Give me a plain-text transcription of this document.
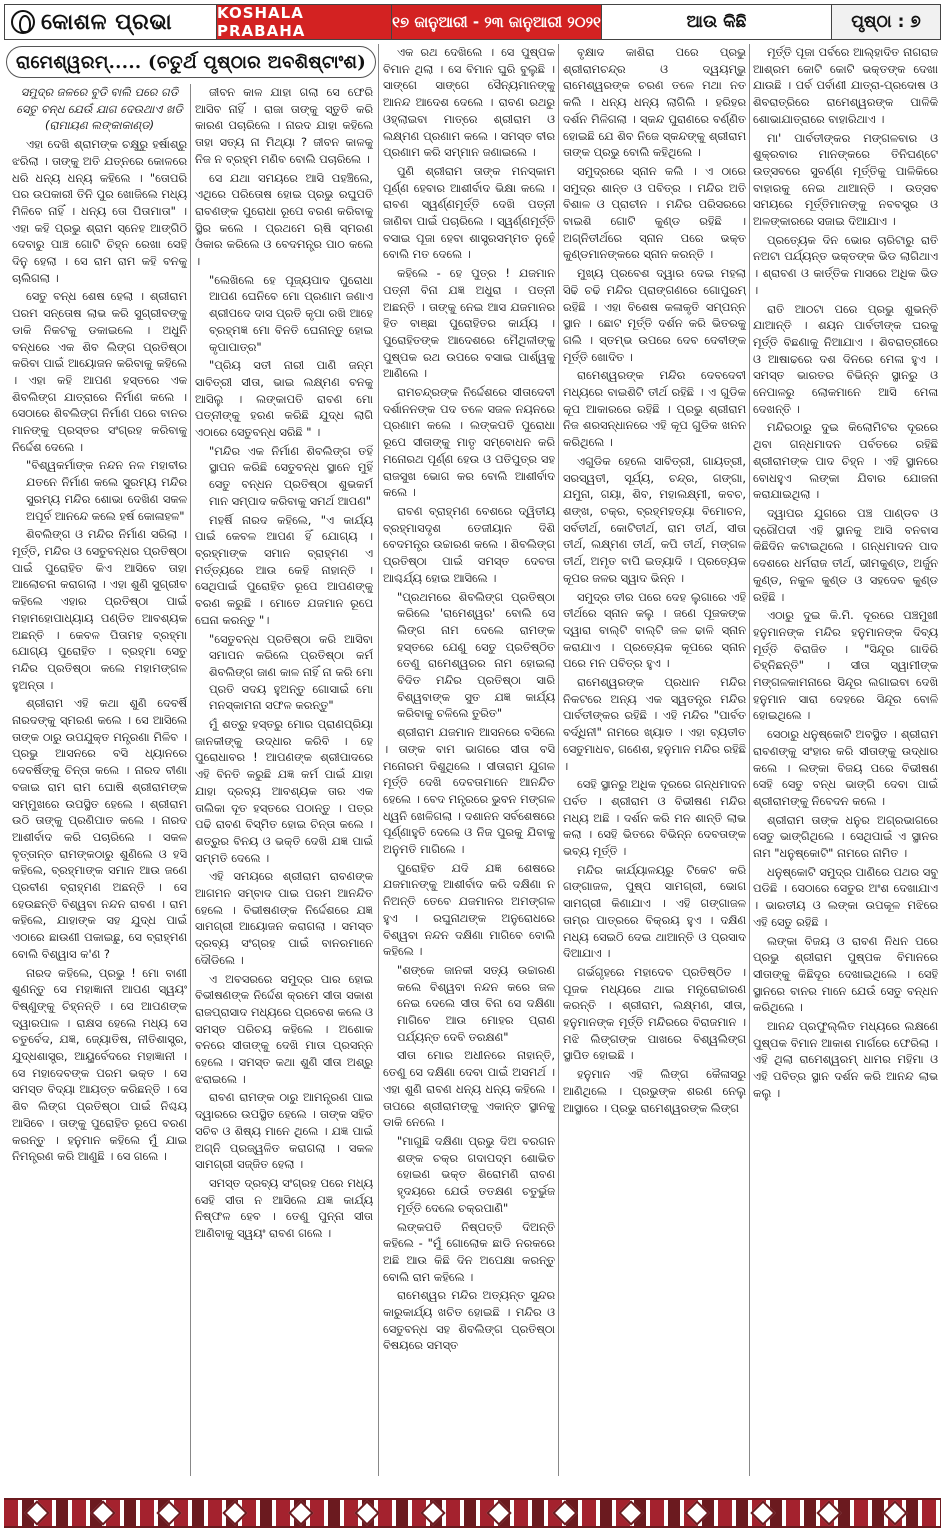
କୋଶଳ ପ୍ରଭା	KOSHALA PRABAHA	୧୭ ଜାନୁଆରୀ - ୨୩ ଜାନୁଆରୀ ୨୦୨୧	ଆଉ କିଛି	ପୃଷ୍ଠା : ୭
ରାମେଶ୍ୱରମ୍..... (ଚତୁର୍ଥ ପୃଷ୍ଠାର ଅବଶିଷ୍ଟାଂଶ)

ସମୁଦ୍ର ଜଳରେ ବୁଡି ବାଲି ପରେ ଗଡି ସେତୁ ବନ୍ଧ ଯେଉଁ ଯାଗ ଦେଉଥାଏ ଖଡି (ରାମାୟଣ ଲଙ୍କାକାଣ୍ଡ)

ଏହା ଦେଖି ଶ୍ରାମଙ୍କ ଚକ୍ଷୁରୁ ହର୍ଷାଶ୍ରୁ ଝରିଲା । ତାଙ୍କୁ ଅତି ଯତ୍ନରେ କୋଳରେ ଧରି ଧନ୍ୟ ଧନ୍ୟ କହିଲେ । "ତୋପରି ପର ଉପକାରୀ ତିନି ପୁର ଖୋଜିଲେ ମଧ୍ୟ ମିଳିବେ ନାହିଁ । ଧନ୍ୟ ତୋ ପିତାମାତା" । ଏହା କହି ପ୍ରଭୁ ଶ୍ରାମ ସ୍ନେହ ଆଙ୍ଗିଠି ଦେବାରୁ ପାଞ୍ଚ ଗୋଟି ଚିହ୍ନ ରେଖା ସେହି ଦିନୁ ହେଲା । ସେ ରାମ ରାମ କହି ବନକୁ ଚାଲିଗଲା ।

ସେତୁ ବନ୍ଧ ଶେଷ ହେଲା । ଶ୍ରୀରାମ ପରମ ସନ୍ତୋଷ ଲାଭ କରି ସୁଗ୍ରୀବଙ୍କୁ ଡାକି ନିକଟକୁ ଡକାଇଲେ । ଅଧୁନି ବନ୍ଧରେ ଏକ ଶିବ ଲିଙ୍ଗ ପ୍ରତିଷ୍ଠା କରିବା ପାଇଁ ଆୟୋଜନ କରିବାକୁ କହିଲେ । ଏହା କହି ଆପଣ ହସ୍ତରେ ଏକ ଶିବଲିଙ୍ଗ ଯାତ୍ରାରେ ନିର୍ମାଣ କଲେ । ସେଠାରେ ଶିବଲିଙ୍ଗ ନିର୍ମାଣ ପରେ ବାନର ମାନଙ୍କୁ ପ୍ରସ୍ତର ସଂଗ୍ରହ କରିବାକୁ ନିର୍ଦ୍ଦେଶ ଦେଲେ ।

"ବିଶ୍ୱକର୍ମାଙ୍କ ନନ୍ଦନ ନଳ ମହାବୀର ଯତନେ ନିର୍ମାଣ କଲେ ସୁରମ୍ୟ ମନ୍ଦିର ସୁରମ୍ୟ ମନ୍ଦିର ଶୋଭା ଦେଖିଣ ସକଳ ଅପୂର୍ବ ଆନନ୍ଦେ କଲେ ହର୍ଷ କୋଳାହଳ"

ଶିବଲିଙ୍ଗ ଓ ମନ୍ଦିର ନିର୍ମାଣ ସରିଲା । ମୂର୍ତ୍ତି, ମନ୍ଦିର ଓ ସେତୁବନ୍ଧର ପ୍ରତିଷ୍ଠା ପାଇଁ ପୁରୋହିତ କିଏ ଆସିବେ ତାହା ଆଲୋଚନା କରାଗଲା । ଏହା ଶୁଣି ସୁଗ୍ରୀବ କହିଲେ ଏହାର ପ୍ରତିଷ୍ଠା ପାଇଁ ମହାମହୋପାଧ୍ୟାୟ ପଣ୍ଡିତ ଆବଶ୍ୟକ ଅଛନ୍ତି । କେବଳ ପିତାମହ ବ୍ରହ୍ମା ଯୋଗ୍ୟ ପୁରୋହିତ । ବ୍ରହ୍ମା ସେତୁ ମନ୍ଦିର ପ୍ରତିଷ୍ଠା କଲେ ମହାମଙ୍ଗଳ ହୁଅନ୍ତା ।

ଶ୍ରୀରାମ ଏହି କଥା ଶୁଣି ଦେବର୍ଷି ନାରଦଙ୍କୁ ସ୍ମରଣ କଲେ । ସେ ଆସିଲେ ତାଙ୍କ ଠାରୁ ଉପଯୁକ୍ତ ମନ୍ତ୍ରଣା ମିଳିବ । ପ୍ରଭୁ ଆସନରେ ବସି ଧ୍ୟାନରେ ଦେବର୍ଷିଙ୍କୁ ଚିନ୍ତା କଲେ । ନାରଦ ବୀଣା ବଜାଇ ରାମ ରାମ ଘୋଷି ଶ୍ରୀରାମଙ୍କ ସମ୍ମୁଖରେ ଉପସ୍ଥିତ ହେଲେ । ଶ୍ରୀରାମ ଉଠି ତାଙ୍କୁ ପ୍ରଣିପାତ କଲେ । ନାରଦ ଆଶୀର୍ବାଦ କରି ପଚାରିଲେ । ସକଳ ବୃତ୍ତାନ୍ତ ରାମଙ୍କଠାରୁ ଶୁଣିଲେ ଓ ହସି କହିଲେ, ବ୍ରହ୍ମାଙ୍କ ସମାନ ଆଉ ଜଣେ ପ୍ରବୀଣ ବ୍ରାହ୍ମଣ ଅଛନ୍ତି । ସେ ହେଉଛନ୍ତି ବିଶ୍ୱବା ନନ୍ଦନ ରାବଣ । ରାମ କହିଲେ, ଯାହାଙ୍କ ସହ ଯୁଦ୍ଧ ପାଇଁ ଏଠାରେ ଛାଉଣୀ ପକାଇଛୁ, ସେ ବ୍ରାହ୍ମଣ ବୋଲି ବିଶ୍ୱାସ କ'ଣ ?

ନାରଦ କହିଲେ, ପ୍ରଭୁ ! ମୋ ବାଣୀ ଶୁଣନ୍ତୁ ସେ ମହାଜ୍ଞାନୀ ଆପଣ ସ୍ୱୟଂ ବିଷ୍ଣୁଙ୍କୁ ଚିହ୍ନନ୍ତି । ସେ ଆପଣଙ୍କ ଦ୍ୱାରପାଳ । ରାକ୍ଷସ ହେଲେ ମଧ୍ୟ ସେ ଚତୁର୍ବେଦ, ଯଜ୍ଞ, ଜ୍ୟୋତିଷ, ନୀତିଶାସ୍ତ୍ର, ଯୁଦ୍ଧଶାସ୍ତ୍ର, ଆୟୁର୍ବେଦରେ ମହାଜ୍ଞାନୀ । ସେ ମହାଦେବଙ୍କ ପରମ ଭକ୍ତ । ସେ ସମସ୍ତ ବିଦ୍ୟା ଆୟତ୍ତ କରିଛନ୍ତି । ସେ ଶିବ ଲିଙ୍ଗ ପ୍ରତିଷ୍ଠା ପାଇଁ ନିଶ୍ଚୟ ଆସିବେ । ତାଙ୍କୁ ପୁରୋହିତ ରୂପେ ବରଣ କରନ୍ତୁ । ହନୁମାନ କହିଲେ ମୁଁ ଯାଇ ନିମନ୍ତ୍ରଣ କରି ଆଣୁଛି । ସେ ଗଲେ ।

ଜୀବନ କାଳ ଯାହା ଗଲା ସେ ଫେରି ଆସିବ ନାହିଁ । ରାଜା ତାଙ୍କୁ ସ୍ତୁତି କରି କାରଣ ପଚାରିଲେ । ନାରଦ ଯାହା କହିଲେ ତାହା ସତ୍ୟ ନା ମିଥ୍ୟା ? ଜୀବନ କାଳକୁ ନିଜ ନ ବ୍ରହ୍ମ ମଣିବ ବୋଲି ପଚାରିଲେ ।

ସେ ଯଥା ସମୟରେ ଆସି ପହଞ୍ଚିଲେ, ଏଥିରେ ପରିତୋଷ ହୋଇ ପ୍ରଭୁ ରଘୁପତି ରାବଣଙ୍କ ପୁରୋଧା ରୂପେ ବରଣ କରିବାକୁ ସ୍ଥିର କଲେ । ପ୍ରଥମେ ଋଷି ସ୍ମରଣ ଓଁକାର କରିଲେ ଓ ବେଦମନ୍ତ୍ର ପାଠ କଲେ ।

"ଲେଖିଲେ ହେ ପୂଜ୍ୟପାଦ ପୁରୋଧା ଆପଣ ଘେନିବେ ମୋ ପ୍ରଣାମ ଜଣାଏ ଶ୍ରୀପଦେ ଦାସ ପ୍ରତି କୃପା ରଖି ଆହେ ବ୍ରହ୍ମଜ୍ଞ ମୋ ବିନତି ଘେନାନ୍ତୁ ହୋଇ କୃପାପାତ୍ର"

"ପ୍ରିୟ ସତୀ ନାରୀ ପାଣି ଜନ୍ମ ସାବିତ୍ରୀ ସୀତା, ଭାଇ ଲକ୍ଷ୍ମଣ ବନକୁ ଆସିଲୁ । ଲଙ୍କାପତି ରାବଣ ମୋ ପତ୍ନୀଙ୍କୁ ହରଣ କରିଛି ଯୁଦ୍ଧ ଲାଗି ଏଠାରେ ସେତୁବନ୍ଧ ସରିଛି " ।

"ମନ୍ଦିର ଏକ ନିର୍ମାଣ ଶିବଲିଙ୍ଗ ତହିଁ ସ୍ଥାପନ କରିଛି ସେତୁବନ୍ଧ ସ୍ଥାନେ ମୁହିଁ ସେତୁ ବନ୍ଧନ ପ୍ରତିଷ୍ଠା ଶୁଭକର୍ମ ମାନ ସମ୍ପାଦ କରିବାକୁ ସମର୍ଥ ଆପଣ"

ମହର୍ଷି ନାରଦ କହିଲେ, "ଏ କାର୍ଯ୍ୟ ପାଇଁ କେବଳ ଆପଣ ହିଁ ଯୋଗ୍ୟ । ବ୍ରହ୍ମାଙ୍କ ସମାନ ବ୍ରାହ୍ମଣ ଏ ମର୍ତ୍ତ୍ୟରେ ଆଉ କେହି ନାହାନ୍ତି । ସେଥିପାଇଁ ପୁରୋହିତ ରୂପେ ଆପଣଙ୍କୁ ବରଣ କରୁଛି । ମୋତେ ଯଜମାନ ରୂପେ ଘେନା କରନ୍ତୁ "।

"ସେତୁବନ୍ଧ ପ୍ରତିଷ୍ଠା କରି ଆସିବା ସମାପନ କରିଲେ ପ୍ରତିଷ୍ଠା କର୍ମ ଶିବଲିଙ୍ଗ ଜାଣ କାଳ ନାହିଁ ନା କରି ମୋ ପ୍ରତି ସଦୟ ହୁଅନ୍ତୁ ଗୋସାଇଁ ମୋ ମନସ୍କାମନା ସଫଳ କରନ୍ତୁ"

ମୁଁ ଶତ୍ରୁ ହସ୍ତରୁ ମୋର ପ୍ରାଣପ୍ରିୟା ଜାନକୀଙ୍କୁ ଉଦ୍ଧାର କରିବି । ହେ ପୁରୋଧାବର ! ଆପଣଙ୍କ ଶ୍ରୀପାଦରେ ଏହି ବିନତି କରୁଛି ଯଜ୍ଞ କର୍ମ ପାଇଁ ଯାହା ଯାହା ଦ୍ରବ୍ୟ ଆବଶ୍ୟକ ତାର ଏକ ତାଲିକା ଦୂତ ହସ୍ତରେ ପଠାନ୍ତୁ । ପତ୍ର ପଢି ରାବଣ ବିସ୍ମିତ ହୋଇ ଚିନ୍ତା କଲେ । ଶତ୍ରୁର ବିନୟ ଓ ଭକ୍ତି ଦେଖି ଯଜ୍ଞ ପାଇଁ ସମ୍ମତି ଦେଲେ ।

ଏହି ସମୟରେ ଶ୍ରୀରାମ ରାବଣଙ୍କ ଆଗମନ ସମ୍ବାଦ ପାଇ ପରମ ଆନନ୍ଦିତ ହେଲେ । ବିଭୀଷଣଙ୍କ ନିର୍ଦ୍ଦେଶରେ ଯଜ୍ଞ ସାମଗ୍ରୀ ଆୟୋଜନ କରାଗଲା । ସମସ୍ତ ଦ୍ରବ୍ୟ ସଂଗ୍ରହ ପାଇଁ ବାନରମାନେ ଦୌଡିଲେ ।

ଏ ଅବସରରେ ସମୁଦ୍ର ପାର ହୋଇ ବିଭୀଷଣଙ୍କ ନିର୍ଦ୍ଦେଶ କ୍ରମେ ସୀତା ସକାଶ ରାଜପ୍ରାସାଦ ମଧ୍ୟରେ ପ୍ରବେଶ କଲେ ଓ ସମସ୍ତ ପରିଚୟ କହିଲେ । ଅଶୋକ ବନରେ ସୀତାଙ୍କୁ ଦେଖି ମାତା ପ୍ରସନ୍ନ ହେଲେ । ସମସ୍ତ କଥା ଶୁଣି ସୀତା ଅଶ୍ରୁ ଝରାଇଲେ ।

ରାବଣ ରାମଙ୍କ ଠାରୁ ଆମନ୍ତ୍ରଣ ପାଇ ଦ୍ୱାରରେ ଉପସ୍ଥିତ ହେଲେ । ତାଙ୍କ ସହିତ ସଚିବ ଓ ଶିଷ୍ୟ ମାନେ ଥିଲେ । ଯଜ୍ଞ ପାଇଁ ଅଗ୍ନି ପ୍ରଜ୍ୱଳିତ କରାଗଲା । ସକଳ ସାମଗ୍ରୀ ସଜ୍ଜିତ ହେଲା ।

ସମସ୍ତ ଦ୍ରବ୍ୟ ସଂଗ୍ରହ ପରେ ମଧ୍ୟ ସେହି ସୀତା ନ ଆସିଲେ ଯଜ୍ଞ କାର୍ଯ୍ୟ ନିଷ୍ଫଳ ହେବ । ତେଣୁ ପୁନ୍ନା ସୀତା ଆଣିବାକୁ ସ୍ୱୟଂ ରାବଣ ଗଲେ ।

ଏକ ରଥ ଦେଖିଲେ । ସେ ପୁଷ୍ପକ ବିମାନ ଥିଲା । ସେ ବିମାନ ଘୁରି ବୁଲୁଛି । ସାଙ୍ଗେ ସାଙ୍ଗେ ସୈନ୍ୟମାନଙ୍କୁ ଆନନ୍ଦ ଆଦେଶ ଦେଲେ । ରାବଣ ରଥରୁ ଓହ୍ଲାଇବା ମାତ୍ରେ ଶ୍ରୀରାମ ଓ ଲକ୍ଷ୍ମଣ ପ୍ରଣାମ କଲେ । ସମସ୍ତ ବୀର ପ୍ରଣାମ କରି ସମ୍ମାନ ଜଣାଇଲେ ।

ପୁଣି ଶ୍ରୀରାମ ତାଙ୍କ ମନସ୍କାମ ପୂର୍ଣ୍ଣ ହେବାର ଆଶୀର୍ବାଦ ଭିକ୍ଷା କଲେ । ରାବଣ ସ୍ୱର୍ଣ୍ଣମୂର୍ତ୍ତି ଦେଖି ପତ୍ନୀ ଜାଣିବା ପାଇଁ ପଚାରିଲେ । ସ୍ୱର୍ଣ୍ଣମୂର୍ତ୍ତି ବସାଇ ପୂଜା ହେବା ଶାସ୍ତ୍ରସମ୍ମତ ନୁହେଁ ବୋଲି ମତ ଦେଲେ ।

କହିଲେ - ହେ ପୁତ୍ର ! ଯଜମାନ ପତ୍ନୀ ବିନା ଯଜ୍ଞ ଅଧୁରା । ପତ୍ନୀ ଅଛନ୍ତି । ତାଙ୍କୁ ନେଇ ଆସ ଯଜମାନର ହିତ ବାଞ୍ଛା ପୁରୋହିତର କାର୍ଯ୍ୟ । ପୁରୋହିତଙ୍କ ଆଦେଶରେ ମୈଥିଳୀଙ୍କୁ ପୁଷ୍ପକ ରଥ ଉପରେ ବସାଇ ପାର୍ଶ୍ୱକୁ ଆଣିଲେ ।

ରାମଚନ୍ଦ୍ରଙ୍କ ନିର୍ଦ୍ଦେଶରେ ସୀତାଦେବୀ ଦର୍ଶାନନଙ୍କ ପଦ ତଳେ ସଜଳ ନୟନରେ ପ୍ରଣାମ କଲେ । ଲଙ୍କପତି ପୁରୋଧା ରୂପେ ସୀତାଙ୍କୁ ମାତୃ ସମ୍ବୋଧନ କରି ମନୋରଥ ପୂର୍ଣ୍ଣ ହେଉ ଓ ପତିପୁତ୍ର ସହ ରାଜସୁଖ ଭୋଗ କର ବୋଲି ଆଶୀର୍ବାଦ କଲେ ।

ରାବଣ ବ୍ରାହ୍ମଣ ବେଶରେ ଦ୍ୱିତୀୟ ବ୍ରହ୍ମାସଦୃଶ ତେଜୀୟାନ ଦିଶି ବେଦମନ୍ତ୍ର ଉଚ୍ଚାରଣ କଲେ । ଶିବଲିଙ୍ଗ ପ୍ରତିଷ୍ଠା ପାଇଁ ସମସ୍ତ ଦେବତା ଆଶ୍ଚର୍ଯ୍ୟ ହୋଇ ଆସିଲେ ।

"ପ୍ରଥମରେ ଶିବଲିଙ୍ଗ ପ୍ରତିଷ୍ଠା କରିଲେ 'ରାମେଶ୍ୱର' ବୋଲି ସେ ଲିଙ୍ଗ ନାମ ଦେଲେ ରାମଙ୍କ ହସ୍ତରେ ଯେଣୁ ସେତୁ ପ୍ରତିଷ୍ଠିତ ତେଣୁ ରାମେଶ୍ୱରର ନାମ ହୋଇଲା ବିଦିତ ମନ୍ଦିର ପ୍ରତିଷ୍ଠା ସାରି ବିଶ୍ୱବାଙ୍କ ସୁତ ଯଜ୍ଞ କାର୍ଯ୍ୟ କରିବାକୁ ଚଳିଲେ ତୁରିତ"

ଶ୍ରୀରାମ ଯଜମାନ ଆସନରେ ବସିଲେ । ତାଙ୍କ ବାମ ଭାଗରେ ସୀତା ବସି ମନୋରମ ଦିଶୁଥିଲେ । ସୀତାରାମ ଯୁଗଳ ମୂର୍ତ୍ତି ଦେଖି ଦେବତାମାନେ ଆନନ୍ଦିତ ହେଲେ । ବେଦ ମନ୍ତ୍ରରେ ଭୁବନ ମଙ୍ଗଳ ଧ୍ୱନି ଖେଳିଗଲା । ଦଶାନନ ସର୍ବଶେଷରେ ପୂର୍ଣ୍ଣାହୁତି ଦେଲେ ଓ ନିଜ ପୁରକୁ ଯିବାକୁ ଅନୁମତି ମାଗିଲେ ।

ପୁରୋହିତ ଯଦି ଯଜ୍ଞ ଶେଷରେ ଯଜମାନଙ୍କୁ ଆଶୀର୍ବାଦ କରି ଦକ୍ଷିଣା ନ ନିଅନ୍ତି ତେବେ ଯଜମାନର ଅମଙ୍ଗଳ ହୁଏ । ରଘୁନାଥଙ୍କ ଅନୁରୋଧରେ ବିଶ୍ୱବା ନନ୍ଦନ ଦକ୍ଷିଣା ମାଗିବେ ବୋଲି କହିଲେ ।

"ଶଙ୍କେ ଜାନକୀ ସତ୍ୟ ଉଚ୍ଚାରଣ କଲେ ବିଶ୍ୱବା ନନ୍ଦନ କରେ ଜଳ ନେଇ ଦେଲେ ସୀତା ବିନା ସେ ଦକ୍ଷିଣା ମାଗିବେ ଆଉ ମୋହର ପ୍ରାଣ ପର୍ଯ୍ୟନ୍ତ ଦେବି ତରକ୍ଷଣ"

ସୀତା ମୋର ଅଧୀନରେ ନାହାନ୍ତି, ତେଣୁ ସେ ଦକ୍ଷିଣା ଦେବା ପାଇଁ ଅସମର୍ଥ । ଏହା ଶୁଣି ରାବଣ ଧନ୍ୟ ଧନ୍ୟ କହିଲେ । ତାପରେ ଶ୍ରୀରାମଙ୍କୁ ଏକାନ୍ତ ସ୍ଥାନକୁ ଡାକି ନେଲେ ।

"ମାଗୁଛି ଦକ୍ଷିଣା ପ୍ରଭୁ ଦିଅ ବରଗନ ଶଙ୍କ ଚକ୍ର ଗଦାପଦ୍ମ ଶୋଭିତ ହୋଇଣ ଭକ୍ତ ଶିରୋମଣି ରାବଣ ହୃଦୟରେ ଯେଉଁ ତତକ୍ଷଣ ଚତୁର୍ଭୁଜ ମୂର୍ତ୍ତି ଦେଲେ ଚକ୍ରପାଣି"

ଲଙ୍କପତି ନିଷ୍ପତ୍ତି ଦିଅନ୍ତି କହିଲେ - "ମୁଁ ଗୋଲୋକ ଛାଡି ନରକରେ ଅଛି ଆଉ କିଛି ଦିନ ଅପେକ୍ଷା କରନ୍ତୁ ବୋଲି ରାମ କହିଲେ ।

ରାମେଶ୍ୱର ମନ୍ଦିର ଅତ୍ୟନ୍ତ ସୁନ୍ଦର କାରୁକାର୍ଯ୍ୟ ଖଚିତ ହୋଇଛି । ମନ୍ଦିର ଓ ସେତୁବନ୍ଧ ସହ ଶିବଲିଙ୍ଗ ପ୍ରତିଷ୍ଠା ବିଷୟରେ ସମସ୍ତ

ବୃକ୍ଷାଦ କାଶିରା ପରେ ପ୍ରଭୁ ଶ୍ରୀରାମଚନ୍ଦ୍ର ଓ ଦ୍ୱୟମ୍ଭୁ ରାମେଶ୍ୱରଙ୍କ ଚରଣ ତଳେ ମଥା ନତ କଲି । ଧନ୍ୟ ଧନ୍ୟ ଲାଗିଲି । ହରିହର ଦର୍ଶନ ମିଳିଗଲା । ସ୍କନ୍ଦ ପୁରାଣରେ ବର୍ଣ୍ଣିତ ହୋଇଛି ଯେ ଶିବ ନିଜେ ସ୍କନ୍ଦଙ୍କୁ ଶ୍ରୀରାମ ତାଙ୍କ ପ୍ରଭୁ ବୋଲି କହିଥିଲେ ।

ସମୁଦ୍ରରେ ସ୍ନାନ କଲି । ଏ ଠାରେ ସମୁଦ୍ର ଶାନ୍ତ ଓ ପବିତ୍ର । ମନ୍ଦିର ଅତି ବିଶାଳ ଓ ପ୍ରାଚୀନ । ମନ୍ଦିର ପରିସରରେ ବାଇଶି ଗୋଟି କୁଣ୍ଡ ରହିଛି । ଅଗ୍ନିତୀର୍ଥରେ ସ୍ନାନ ପରେ ଭକ୍ତ କୁଣ୍ଡମାନଙ୍କରେ ସ୍ନାନ କରନ୍ତି ।

ମୁଖ୍ୟ ପ୍ରବେଶ ଦ୍ୱାର ଦେଇ ମହଲା ସିଢି ଚଢି ମନ୍ଦିର ପ୍ରାଙ୍ଗଣରେ ଗୋପୁରମ୍ ରହିଛି । ଏହା ବିଶେଷ କଳାକୃତି ସମ୍ପନ୍ନ ସ୍ଥାନ । ଛୋଟ ମୂର୍ତ୍ତି ଦର୍ଶନ କରି ଭିତରକୁ ଗଲି । ସ୍ତମ୍ଭ ଉପରେ ଦେବ ଦେବୀଙ୍କ ମୂର୍ତ୍ତି ଖୋଦିତ ।

ରାମେଶ୍ୱରଙ୍କ ମନ୍ଦିର ଦେବଦେବୀ ମଧ୍ୟରେ ବାଇଶିଟି ତୀର୍ଥ ରହିଛି । ଏ ଗୁଡିକ କୂପ ଆକାରରେ ରହିଛି । ପ୍ରଭୁ ଶ୍ରୀରାମ ନିଜ ଶରସନ୍ଧାନରେ ଏହି କୂପ ଗୁଡିକ ଖନନ କରିଥିଲେ ।

ଏଗୁଡିକ ହେଲେ ସାବିତ୍ରୀ, ଗାୟତ୍ରୀ, ସରସ୍ୱତୀ, ସୂର୍ଯ୍ୟ, ଚନ୍ଦ୍ର, ଗଙ୍ଗା, ଯମୁନା, ଗୟା, ଶିବ, ମହାଲକ୍ଷ୍ମୀ, କବଚ, ଶଙ୍ଖ, ଚକ୍ର, ବ୍ରହ୍ମହତ୍ୟା ବିମୋଚନ, ସର୍ବତୀର୍ଥ, କୋଟିତୀର୍ଥ, ରାମ ତୀର୍ଥ, ସୀତା ତୀର୍ଥ, ଲକ୍ଷ୍ମଣ ତୀର୍ଥ, କପି ତୀର୍ଥ, ମଙ୍ଗଳ ତୀର୍ଥ, ଅମୃତ ବାପି ଇତ୍ୟାଦି । ପ୍ରତ୍ୟେକ କୂପର ଜଳର ସ୍ୱାଦ ଭିନ୍ନ ।

ସମୁଦ୍ର ତୀର ପରେ ଦେହ ଲୁଗାରେ ଏହି ତୀର୍ଥରେ ସ୍ନାନ କଲୁ । ଜଣେ ପୂଜକଙ୍କ ଦ୍ୱାରା ବାଲ୍ଟି ବାଲ୍ଟି ଜଳ ଢାଳି ସ୍ନାନ କରାଯାଏ । ପ୍ରତ୍ୟେକ କୂପରେ ସ୍ନାନ ପରେ ମନ ପବିତ୍ର ହୁଏ ।

ରାମେଶ୍ୱରଙ୍କ ପ୍ରଧାନ ମନ୍ଦିର ନିକଟରେ ଅନ୍ୟ ଏକ ସ୍ୱତନ୍ତ୍ର ମନ୍ଦିର ପାର୍ବତୀଙ୍କର ରହିଛି । ଏହି ମନ୍ଦିର "ପାର୍ବତ ବର୍ଦ୍ଧିନୀ" ନାମରେ ଖ୍ୟାତ । ଏହା ବ୍ୟତୀତ ସେତୁମାଧବ, ଗଣେଶ, ହନୁମାନ ମନ୍ଦିର ରହିଛି ।

ସେହି ସ୍ଥାନରୁ ଅଧିକ ଦୂରରେ ଗନ୍ଧମାଦନ ପର୍ବତ । ଶ୍ରୀରାମ ଓ ବିଭୀଷଣ ମନ୍ଦିର ମଧ୍ୟ ଅଛି । ଦର୍ଶନ କରି ମନ ଶାନ୍ତି ଲାଭ କଲା । ସେହି ଭିତରେ ବିଭିନ୍ନ ଦେବତାଙ୍କ ଭବ୍ୟ ମୂର୍ତ୍ତି ।

ମନ୍ଦିର କାର୍ଯ୍ୟାଳୟରୁ ଟିକେଟ କରି ଗଙ୍ଗାଜଳ, ପୁଷ୍ପ ସାମଗ୍ରୀ, ଭୋଗ ସାମଗ୍ରୀ କିଣାଯାଏ । ଏହି ଗଙ୍ଗାଜଳ ତାମ୍ର ପାତ୍ରରେ ବିକ୍ରୟ ହୁଏ । ଦକ୍ଷିଣ ମଧ୍ୟ ସେଇଠି ଦେଇ ଥାଆନ୍ତି ଓ ପ୍ରସାଦ ଦିଆଯାଏ ।

ଗର୍ଭଗୃହରେ ମହାଦେବ ପ୍ରତିଷ୍ଠିତ । ପୂଜକ ମଧ୍ୟରେ ଥାଇ ମନ୍ତ୍ରୋଚ୍ଚାରଣ କରନ୍ତି । ଶ୍ରୀରାମ, ଲକ୍ଷ୍ମଣ, ସୀତା, ହନୁମାନଙ୍କ ମୂର୍ତ୍ତି ମନ୍ଦିରରେ ବିରାଜମାନ । ମଝି ଲିଙ୍ଗଙ୍କ ପାଖରେ ବିଶ୍ୱଲିଙ୍ଗ ସ୍ଥାପିତ ହୋଇଛି ।

ହନୁମାନ ଏହି ଲିଙ୍ଗ କୈଳାସରୁ ଆଣିଥିଲେ । ପ୍ରଭୁଙ୍କ ଶରଣ ନେଲୁ ଆସ୍ଥାରେ । ପ୍ରଭୁ ରାମେଶ୍ୱରଙ୍କ ଲିଙ୍ଗ

ମୂର୍ତ୍ତି ପୂଜା ପର୍ବରେ ଆଲ୍ହାଦିତ ନାଗରାଜ ଆଶ୍ରମ କୋଟି କୋଟି ଭକ୍ତଙ୍କ ଦେଖା ଯାଉଛି । ପର୍ବ ପର୍ବାଣୀ ଯାତ୍ରା-ପ୍ରଦୋଷ ଓ ଶିବରାତ୍ରିରେ ରାମେଶ୍ୱରଙ୍କ ପାଳିକି ଶୋଭାଯାତ୍ରାରେ ବାହାରିଥାଏ ।

ମା' ପାର୍ବତୀଙ୍କର ମଙ୍ଗଳବାର ଓ ଶୁକ୍ରବାର ମାନଙ୍କରେ ତିନିଘଣ୍ଟେ ଉତ୍ସବରେ ସୁବର୍ଣ୍ଣ ମୂର୍ତ୍ତିକୁ ପାଳିକିରେ ବାହାରକୁ ନେଇ ଥାଆନ୍ତି । ଉତ୍ସବ ସମୟରେ ମୂର୍ତ୍ତିମାନଙ୍କୁ ନବବସ୍ତ୍ର ଓ ଅଳଙ୍କାରରେ ସଜାଇ ଦିଆଯାଏ ।

ପ୍ରତ୍ୟେକ ଦିନ ଭୋର ଚାରିଟାରୁ ରାତି ନଅଟା ପର୍ଯ୍ୟନ୍ତ ଭକ୍ତଙ୍କ ଭିଡ ଲାଗିଥାଏ । ଶ୍ରାବଣ ଓ କାର୍ତ୍ତିକ ମାସରେ ଅଧିକ ଭିଡ ।

ରାତି ଆଠଟା ପରେ ପ୍ରଭୁ ଶୁଭନ୍ତି ଯାଆନ୍ତି । ଶୟନ ପାର୍ବତୀଙ୍କ ଘରକୁ ମୂର୍ତ୍ତି ବିଛଣାକୁ ନିଆଯାଏ । ଶିବରାତ୍ରୀରେ ଓ ଆଷାଢରେ ଦଶ ଦିନରେ ମେଳା ହୁଏ । ସମସ୍ତ ଭାରତର ବିଭିନ୍ନ ସ୍ଥାନରୁ ଓ ନେପାଳରୁ ଲୋକମାନେ ଆସି ମେଳା ଦେଖନ୍ତି ।

ମନ୍ଦିରଠାରୁ ଦୁଇ କିଲୋମିଟର ଦୂରରେ ଥିବା ଗନ୍ଧମାଦନ ପର୍ବତରେ ରହିଛି ଶ୍ରୀରାମଙ୍କ ପାଦ ଚିହ୍ନ । ଏହି ସ୍ଥାନରେ ବୋଧହୁଏ ଲଙ୍କା ଯିବାର ଯୋଜନା କରାଯାଇଥିଲା ।

ଦ୍ୱାପର ଯୁଗରେ ପଞ୍ଚ ପାଣ୍ଡବ ଓ ଦ୍ରୌପଦୀ ଏହି ସ୍ଥାନକୁ ଆସି ବନବାସ କିଛିଦିନ କଟାଇଥିଲେ । ଗନ୍ଧମାଦନ ପାଦ ଦେଶରେ ଧର୍ମରାଜ ତୀର୍ଥ, ଭୀମକୁଣ୍ଡ, ଅର୍ଜୁନ କୁଣ୍ଡ, ନକୁଳ କୁଣ୍ଡ ଓ ସହଦେବ କୁଣ୍ଡ ରହିଛି ।

ଏଠାରୁ ଦୁଇ କି.ମି. ଦୂରରେ ପଞ୍ଚମୁଖୀ ହନୁମାନଙ୍କ ମନ୍ଦିର ହନୁମାନଙ୍କ ଦିବ୍ୟ ମୂର୍ତ୍ତି ବିରାଜିତ । "ସିନ୍ଦୂର ଗାଦିରି ଚିହ୍ନିଛନ୍ତି" । ସୀତା ସ୍ୱାମୀଙ୍କ ମଙ୍ଗଳକାମନାରେ ସିନ୍ଦୂର ଲଗାଇବା ଦେଖି ହନୁମାନ ସାରା ଦେହରେ ସିନ୍ଦୂର ବୋଳି ହୋଇଥିଲେ ।

ସେଠାରୁ ଧନୁଷ୍କୋଟି ଅବସ୍ଥିତ । ଶ୍ରୀରାମ ରାବଣଙ୍କୁ ସଂହାର କରି ସୀତାଙ୍କୁ ଉଦ୍ଧାର କଲେ । ଲଙ୍କା ବିଜୟ ପରେ ବିଭୀଷଣ ସେହି ସେତୁ ବନ୍ଧ ଭାଙ୍ଗି ଦେବା ପାଇଁ ଶ୍ରୀରାମଙ୍କୁ ନିବେଦନ କଲେ ।

ଶ୍ରୀରାମ ତାଙ୍କ ଧନୁର ଅଗ୍ରଭାଗରେ ସେତୁ ଭାଙ୍ଗିଥିଲେ । ସେଥିପାଇଁ ଏ ସ୍ଥାନର ନାମ "ଧନୁଷ୍କୋଟି" ନାମରେ ନାମିତ ।

ଧନୁଷ୍କୋଟି ସମୁଦ୍ର ପାଣିରେ ପଥର ସବୁ ପଡିଛି । ସେଠାରେ ସେତୁର ଅଂଶ ଦେଖାଯାଏ । ଭାରତୀୟ ଓ ଲଙ୍କା ଉପକୂଳ ମଝିରେ ଏହି ସେତୁ ରହିଛି ।

ଲଙ୍କା ବିଜୟ ଓ ରାବଣ ନିଧନ ପରେ ପ୍ରଭୁ ଶ୍ରୀରାମ ପୁଷ୍ପକ ବିମାନରେ ସୀତାଙ୍କୁ କିଛିଦୂର ଦେଖାଇଥିଲେ । ସେହି ସ୍ଥାନରେ ବାନର ମାନେ ଯେଉଁ ସେତୁ ବନ୍ଧନ କରିଥିଲେ ।

ଆନନ୍ଦ ପ୍ରଫୁଲ୍ଲିତ ମଧ୍ୟରେ ଲକ୍ଷଣେ ପୁଷ୍ପକ ବିମାନ ଆକାଶ ମାର୍ଗରେ ଫେରିଲା । ଏହି ଥିଲା ରାମେଶ୍ୱରମ୍ ଧାମର ମହିମା ଓ ଏହି ପବିତ୍ର ସ୍ଥାନ ଦର୍ଶନ କରି ଆନନ୍ଦ ଲାଭ କଲୁ ।
